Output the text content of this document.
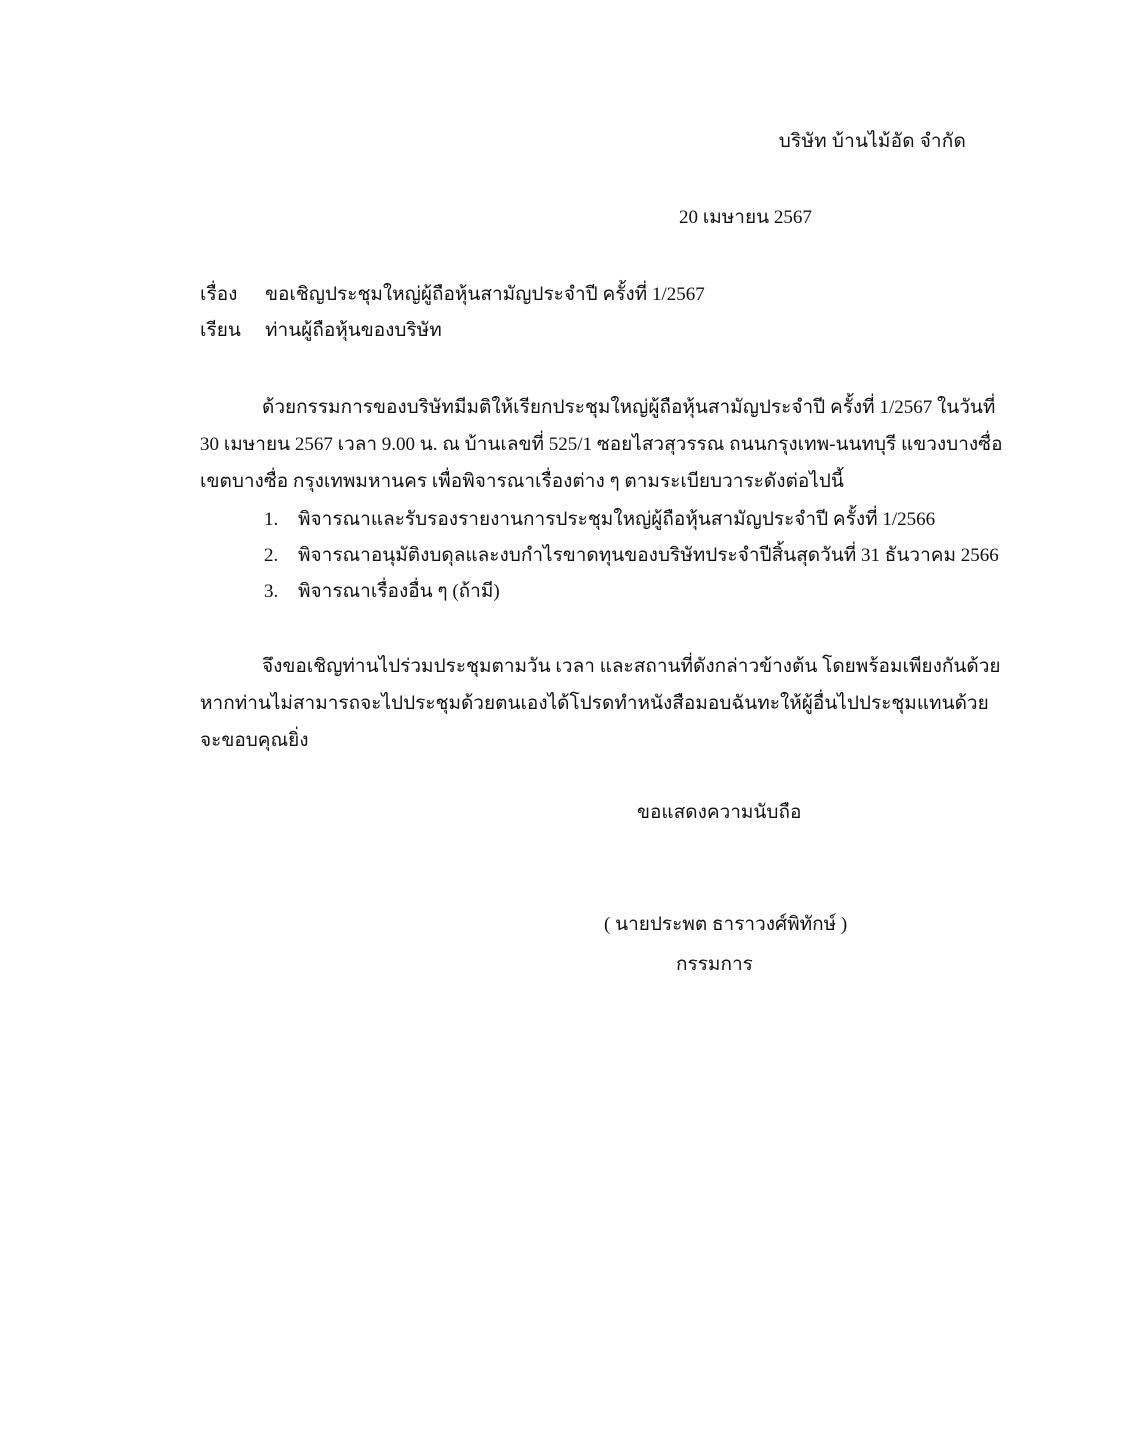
บริษัท บ้านไม้อัด จำกัด
20 เมษายน 2567
เรื่อง ขอเชิญประชุมใหญ่ผู้ถือหุ้นสามัญประจำปี ครั้งที่ 1/2567
เรียน ท่านผู้ถือหุ้นของบริษัท
ด้วยกรรมการของบริษัทมีมติให้เรียกประชุมใหญ่ผู้ถือหุ้นสามัญประจำปี ครั้งที่ 1/2567 ในวันที่
30 เมษายน 2567 เวลา 9.00 น. ณ บ้านเลขที่ 525/1 ซอยไสวสุวรรณ ถนนกรุงเทพ-นนทบุรี แขวงบางซื่อ
เขตบางซื่อ กรุงเทพมหานคร เพื่อพิจารณาเรื่องต่าง ๆ ตามระเบียบวาระดังต่อไปนี้
1. พิจารณาและรับรองรายงานการประชุมใหญ่ผู้ถือหุ้นสามัญประจำปี ครั้งที่ 1/2566
2. พิจารณาอนุมัติงบดุลและงบกำไรขาดทุนของบริษัทประจำปีสิ้นสุดวันที่ 31 ธันวาคม 2566
3. พิจารณาเรื่องอื่น ๆ (ถ้ามี)
จึงขอเชิญท่านไปร่วมประชุมตามวัน เวลา และสถานที่ดังกล่าวข้างต้น โดยพร้อมเพียงกันด้วย
หากท่านไม่สามารถจะไปประชุมด้วยตนเองได้โปรดทำหนังสือมอบฉันทะให้ผู้อื่นไปประชุมแทนด้วย
จะขอบคุณยิ่ง
ขอแสดงความนับถือ
( นายประพต ธาราวงศ์พิทักษ์ )
กรรมการ
